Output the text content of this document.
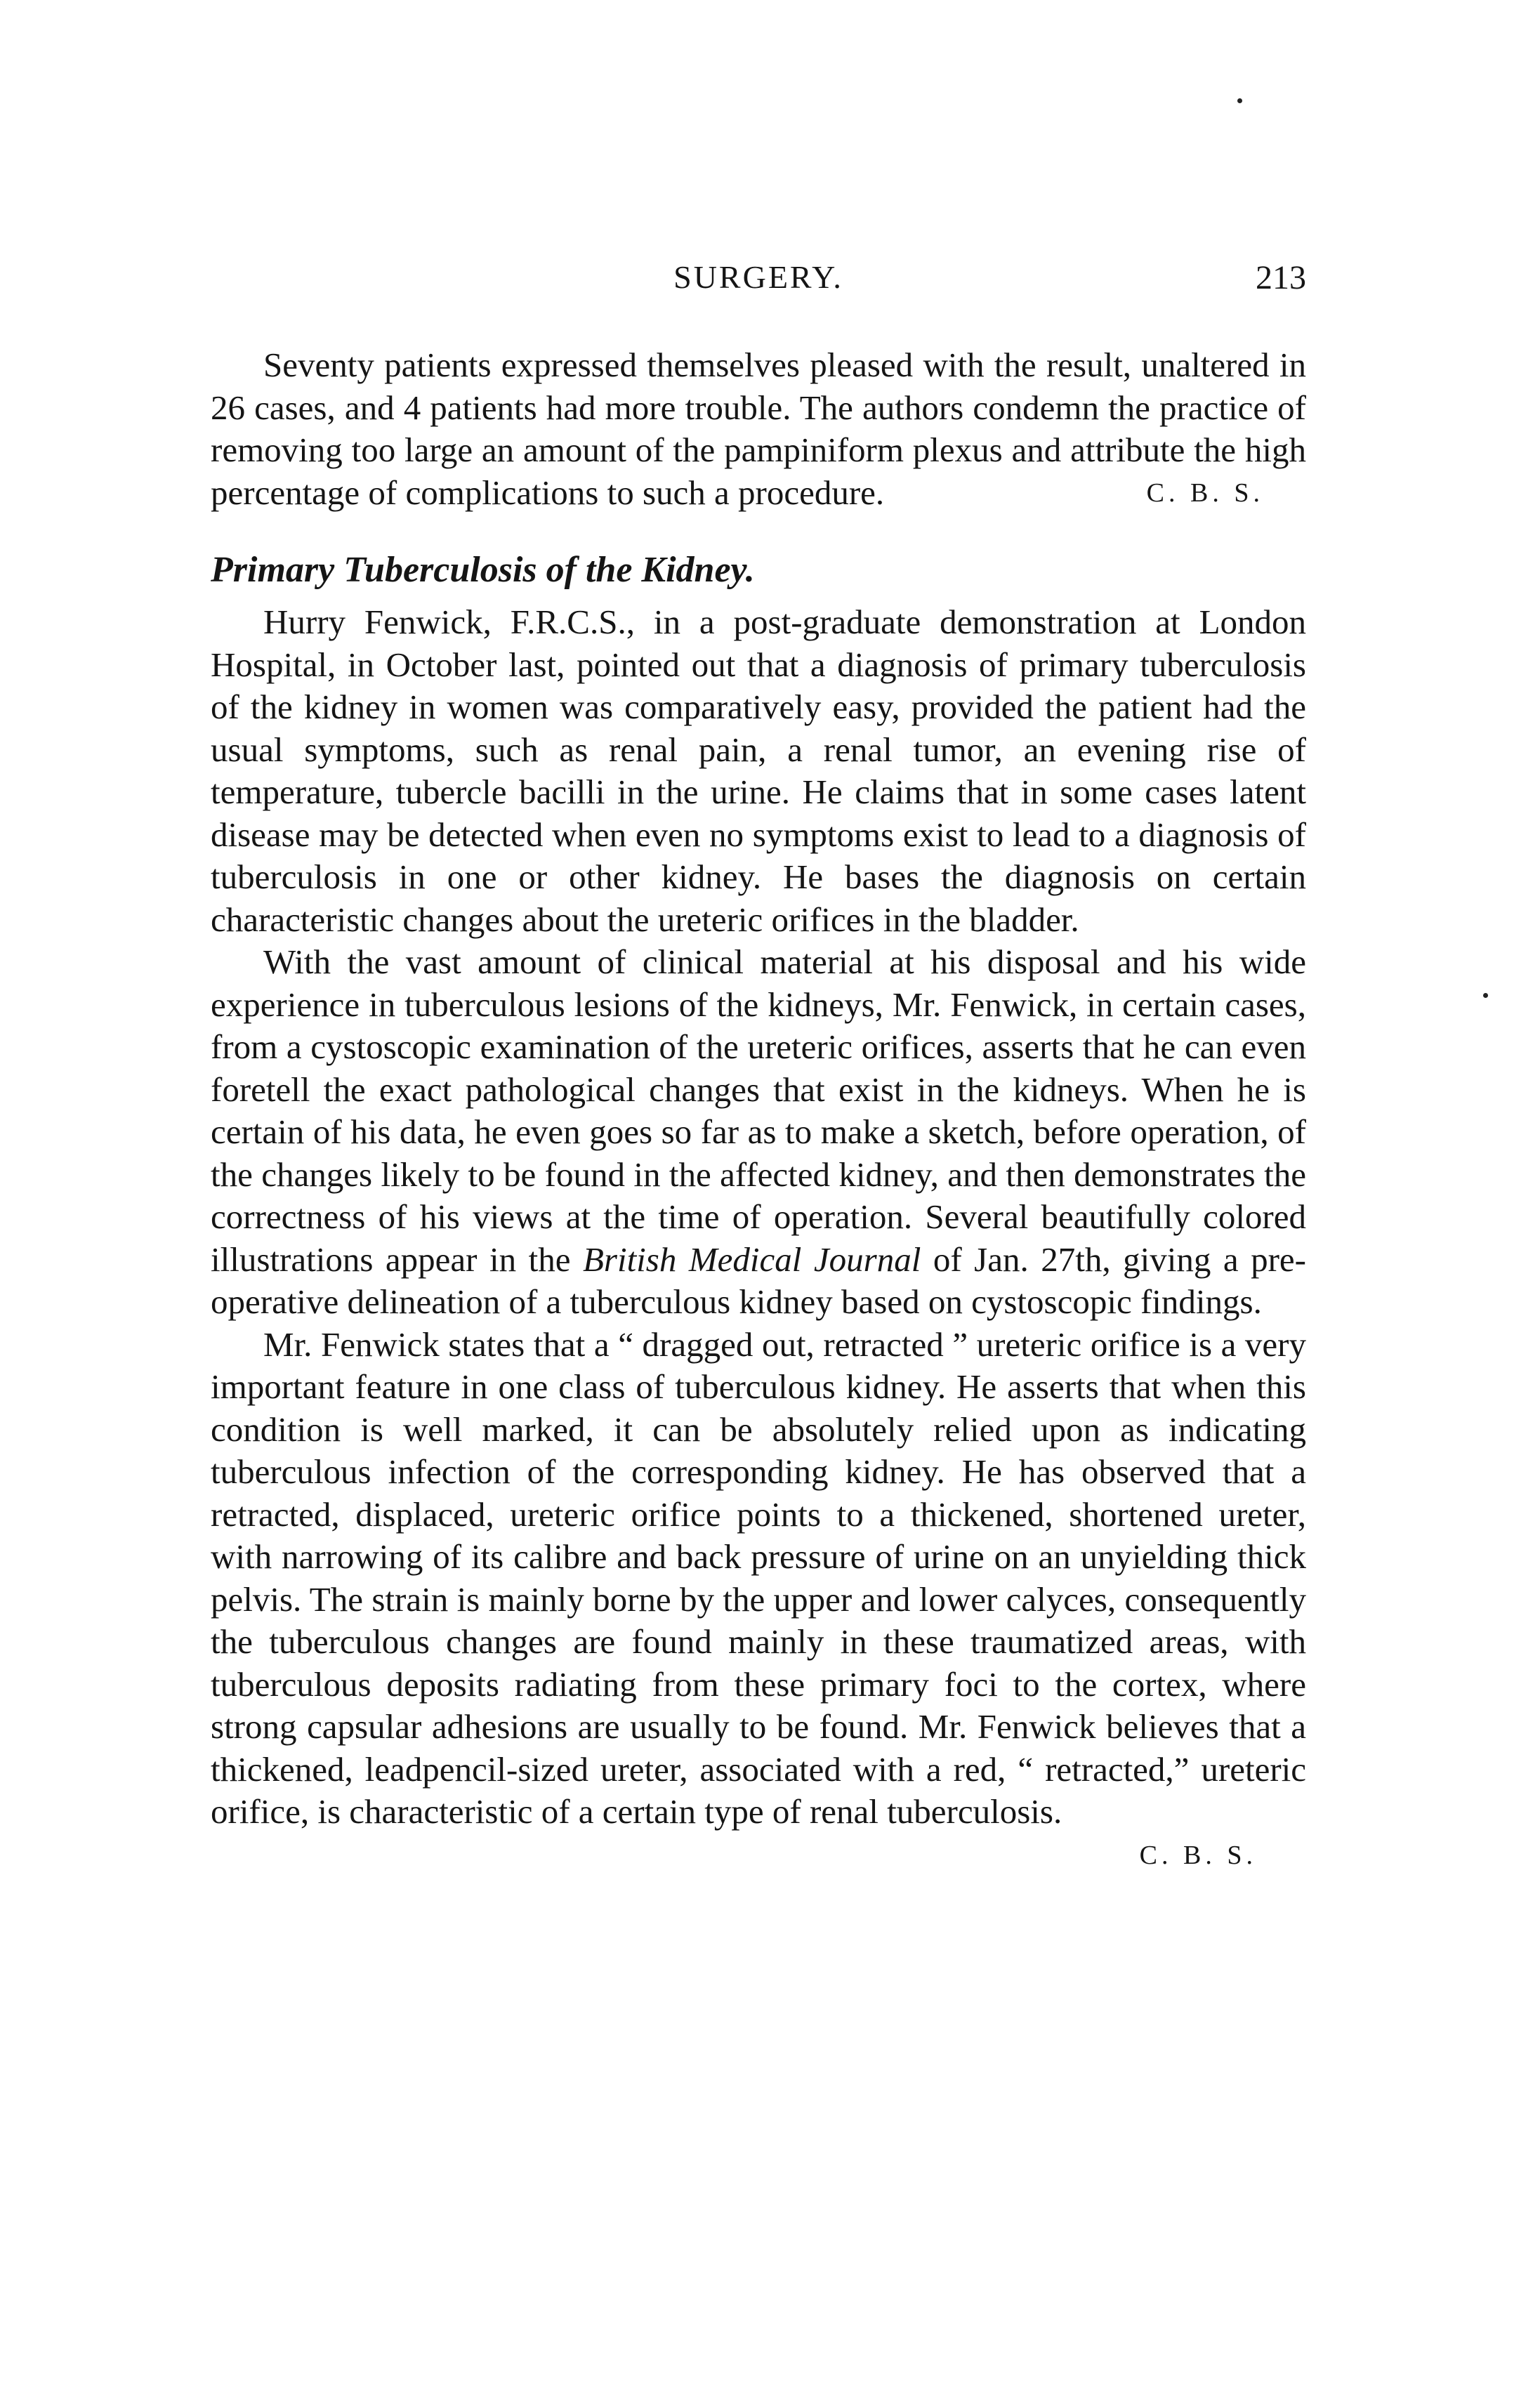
SURGERY.	213

Seventy patients expressed themselves pleased with the result, unaltered in 26 cases, and 4 patients had more trouble. The authors condemn the practice of removing too large an amount of the pampiniform plexus and attribute the high percentage of complications to such a procedure.	C. B. S.

Primary Tuberculosis of the Kidney.

Hurry Fenwick, F.R.C.S., in a post-graduate demonstration at London Hospital, in October last, pointed out that a diagnosis of primary tuberculosis of the kidney in women was comparatively easy, provided the patient had the usual symptoms, such as renal pain, a renal tumor, an evening rise of temperature, tubercle bacilli in the urine. He claims that in some cases latent disease may be detected when even no symptoms exist to lead to a diagnosis of tuberculosis in one or other kidney. He bases the diagnosis on certain characteristic changes about the ureteric orifices in the bladder.

With the vast amount of clinical material at his disposal and his wide experience in tuberculous lesions of the kidneys, Mr. Fenwick, in certain cases, from a cystoscopic examination of the ureteric orifices, asserts that he can even foretell the exact pathological changes that exist in the kidneys. When he is certain of his data, he even goes so far as to make a sketch, before operation, of the changes likely to be found in the affected kidney, and then demonstrates the correctness of his views at the time of operation. Several beautifully colored illustrations appear in the British Medical Journal of Jan. 27th, giving a pre-operative delineation of a tuberculous kidney based on cystoscopic findings.

Mr. Fenwick states that a “ dragged out, retracted ” ureteric orifice is a very important feature in one class of tuberculous kidney. He asserts that when this condition is well marked, it can be absolutely relied upon as indicating tuberculous infection of the corresponding kidney. He has observed that a retracted, displaced, ureteric orifice points to a thickened, shortened ureter, with narrowing of its calibre and back pressure of urine on an unyielding thick pelvis. The strain is mainly borne by the upper and lower calyces, consequently the tuberculous changes are found mainly in these traumatized areas, with tuberculous deposits radiating from these primary foci to the cortex, where strong capsular adhesions are usually to be found. Mr. Fenwick believes that a thickened, leadpencil-sized ureter, associated with a red, “ retracted,” ureteric orifice, is characteristic of a certain type of renal tuberculosis.

C. B. S.
